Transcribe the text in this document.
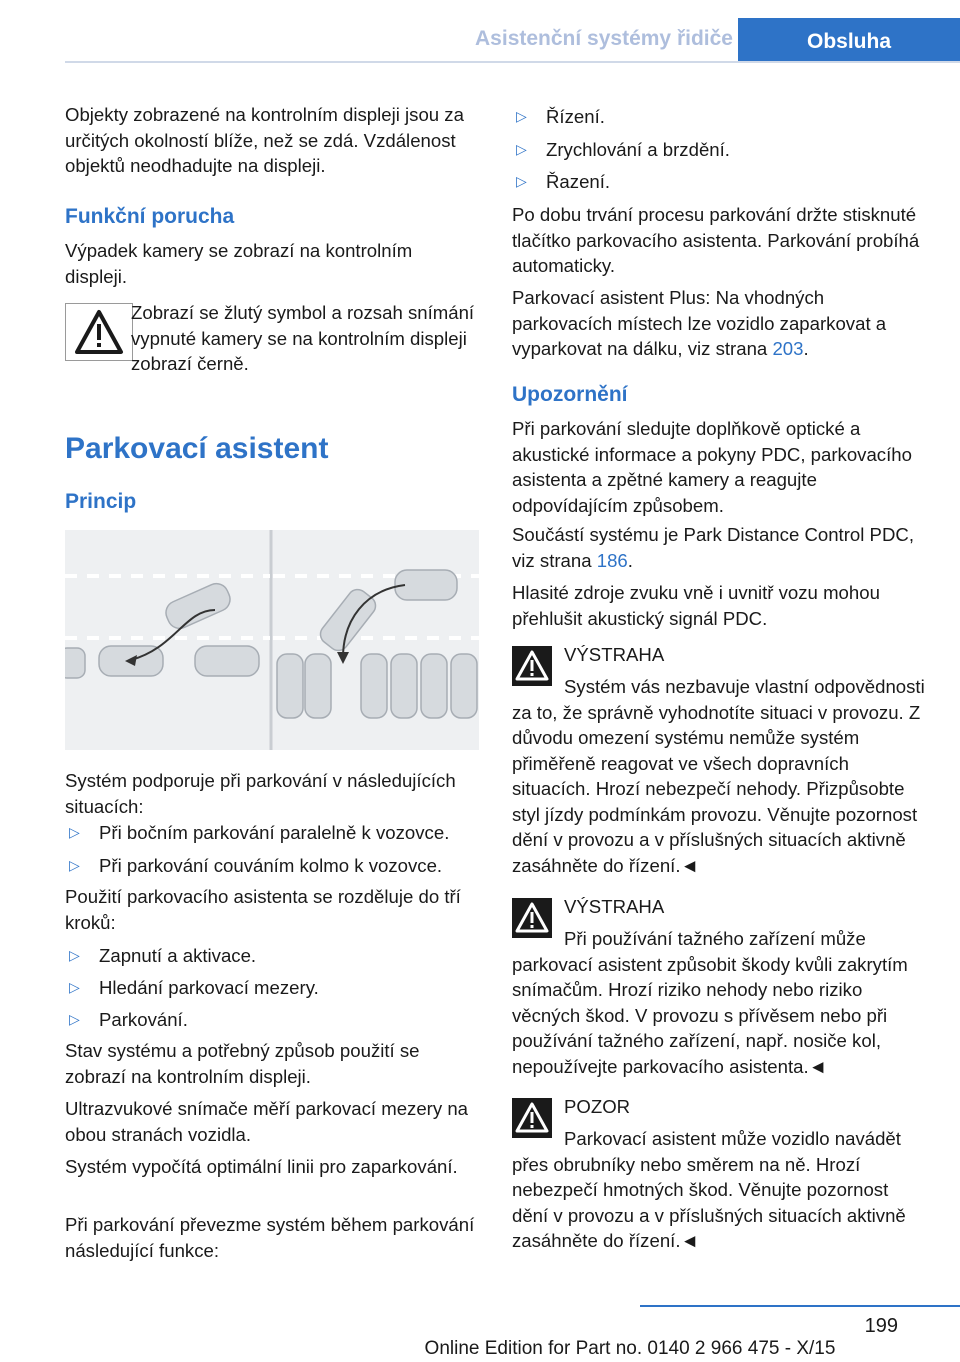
Asistenční systémy řidiče	Obsluha

Objekty zobrazené na kontrolním displeji jsou za určitých okolností blíže, než se zdá. Vzdálenost objektů neodhadujte na displeji.

Funkční porucha

Výpadek kamery se zobrazí na kontrolním displeji.

Zobrazí se žlutý symbol a rozsah snímání vypnuté kamery se na kontrolním displeji zobrazí černě.

Parkovací asistent
Princip

Systém podporuje při parkování v následujících situacích:

▷ Při bočním parkování paralelně k vozovce.
▷ Při parkování couváním kolmo k vozovce.

Použití parkovacího asistenta se rozděluje do tří kroků:

▷ Zapnutí a aktivace.
▷ Hledání parkovací mezery.
▷ Parkování.

Stav systému a potřebný způsob použití se zobrazí na kontrolním displeji.

Ultrazvukové snímače měří parkovací mezery na obou stranách vozidla.

Systém vypočítá optimální linii pro zaparkování.

Při parkování převezme systém během parkování následující funkce:

▷ Řízení.
▷ Zrychlování a brzdění.
▷ Řazení.

Po dobu trvání procesu parkování držte stisknuté tlačítko parkovacího asistenta. Parkování probíhá automaticky.

Parkovací asistent Plus: Na vhodných parkovacích místech lze vozidlo zaparkovat a vyparkovat na dálku, viz strana 203.

Upozornění

Při parkování sledujte doplňkově optické a akustické informace a pokyny PDC, parkovacího asistenta a zpětné kamery a reagujte odpovídajícím způsobem.

Součástí systému je Park Distance Control PDC, viz strana 186.

Hlasité zdroje zvuku vně i uvnitř vozu mohou přehlušit akustický signál PDC.

VÝSTRAHA

Systém vás nezbavuje vlastní odpovědnosti za to, že správně vyhodnotíte situaci v provozu. Z důvodu omezení systému nemůže systém přiměřeně reagovat ve všech dopravních situacích. Hrozí nebezpečí nehody. Přizpůsobte styl jízdy podmínkám provozu. Věnujte pozornost dění v provozu a v příslušných situacích aktivně zasáhněte do řízení.◄

VÝSTRAHA

Při používání tažného zařízení může parkovací asistent způsobit škody kvůli zakrytím snímačům. Hrozí riziko nehody nebo riziko věcných škod. V provozu s přívěsem nebo při používání tažného zařízení, např. nosiče kol, nepoužívejte parkovacího asistenta.◄

POZOR

Parkovací asistent může vozidlo navádět přes obrubníky nebo směrem na ně. Hrozí nebezpečí hmotných škod. Věnujte pozornost dění v provozu a v příslušných situacích aktivně zasáhněte do řízení.◄

199
Online Edition for Part no. 0140 2 966 475 - X/15
